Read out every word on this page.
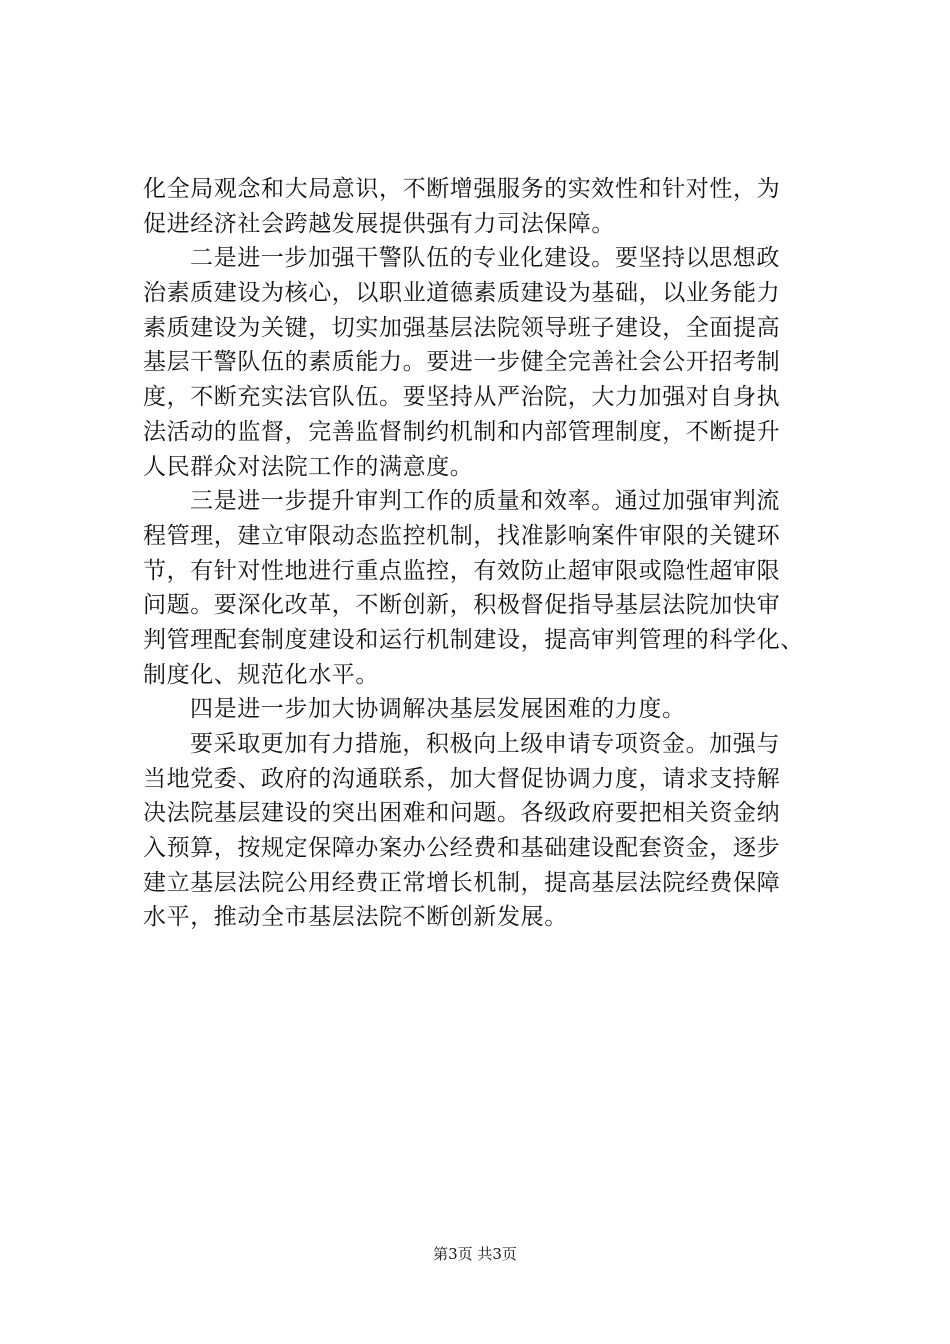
化全局观念和大局意识，不断增强服务的实效性和针对性，为
促进经济社会跨越发展提供强有力司法保障。
二是进一步加强干警队伍的专业化建设。要坚持以思想政
治素质建设为核心，以职业道德素质建设为基础，以业务能力
素质建设为关键，切实加强基层法院领导班子建设，全面提高
基层干警队伍的素质能力。要进一步健全完善社会公开招考制
度，不断充实法官队伍。要坚持从严治院，大力加强对自身执
法活动的监督，完善监督制约机制和内部管理制度，不断提升
人民群众对法院工作的满意度。
三是进一步提升审判工作的质量和效率。通过加强审判流
程管理，建立审限动态监控机制，找准影响案件审限的关键环
节，有针对性地进行重点监控，有效防止超审限或隐性超审限
问题。要深化改革，不断创新，积极督促指导基层法院加快审
判管理配套制度建设和运行机制建设，提高审判管理的科学化、
制度化、规范化水平。
四是进一步加大协调解决基层发展困难的力度。
要采取更加有力措施，积极向上级申请专项资金。加强与
当地党委、政府的沟通联系，加大督促协调力度，请求支持解
决法院基层建设的突出困难和问题。各级政府要把相关资金纳
入预算，按规定保障办案办公经费和基础建设配套资金，逐步
建立基层法院公用经费正常增长机制，提高基层法院经费保障
水平，推动全市基层法院不断创新发展。
第3页 共3页
